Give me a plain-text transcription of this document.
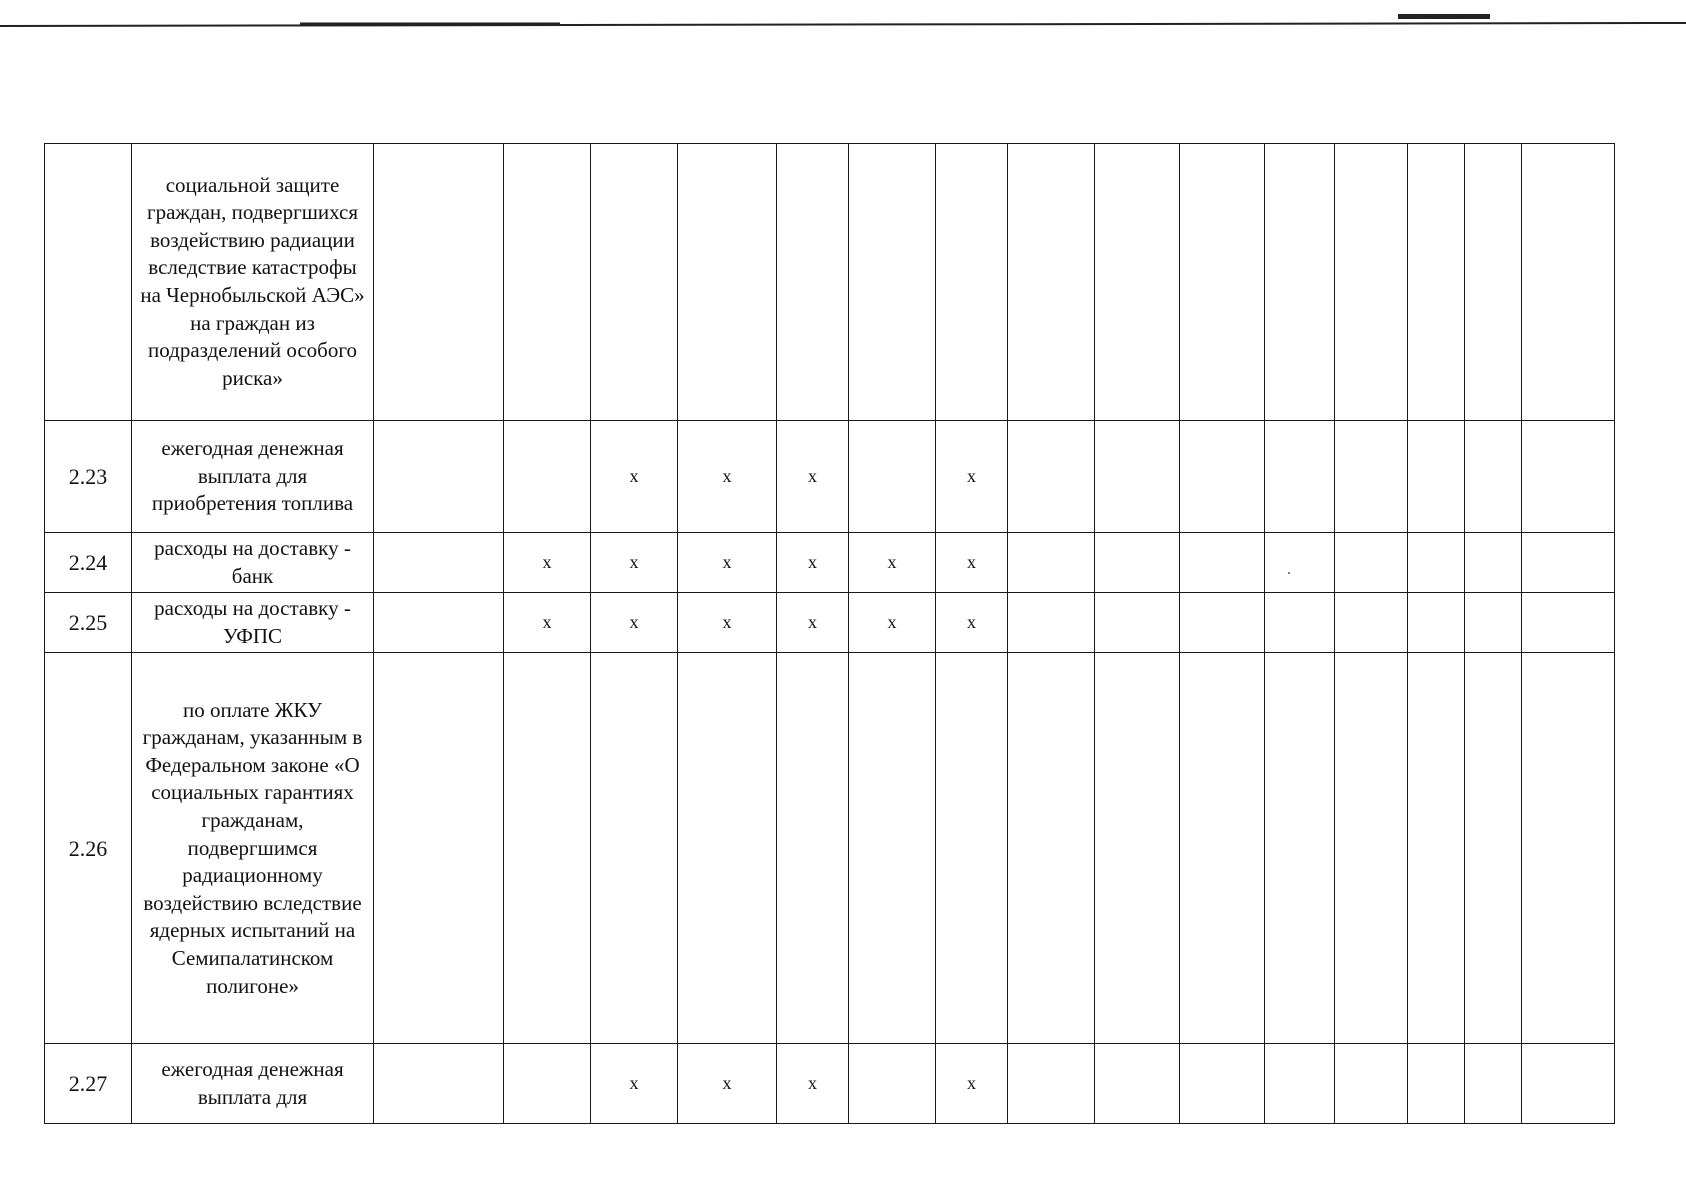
	социальной защите граждан, подвергшихся воздействию радиации вследствие катастрофы на Чернобыльской АЭС» на граждан из подразделений особого риска»															
2.23	ежегодная денежная выплата для приобретения топлива			x	x	x		x								
2.24	расходы на доставку - банк		x	x	x	x	x	x								
2.25	расходы на доставку - УФПС		x	x	x	x	x	x								
2.26	по оплате ЖКУ гражданам, указанным в Федеральном законе «О социальных гарантиях гражданам, подвергшимся радиационному воздействию вследствие ядерных испытаний на Семипалатинском полигоне»															
2.27	ежегодная денежная выплата для			x	x	x		x								
